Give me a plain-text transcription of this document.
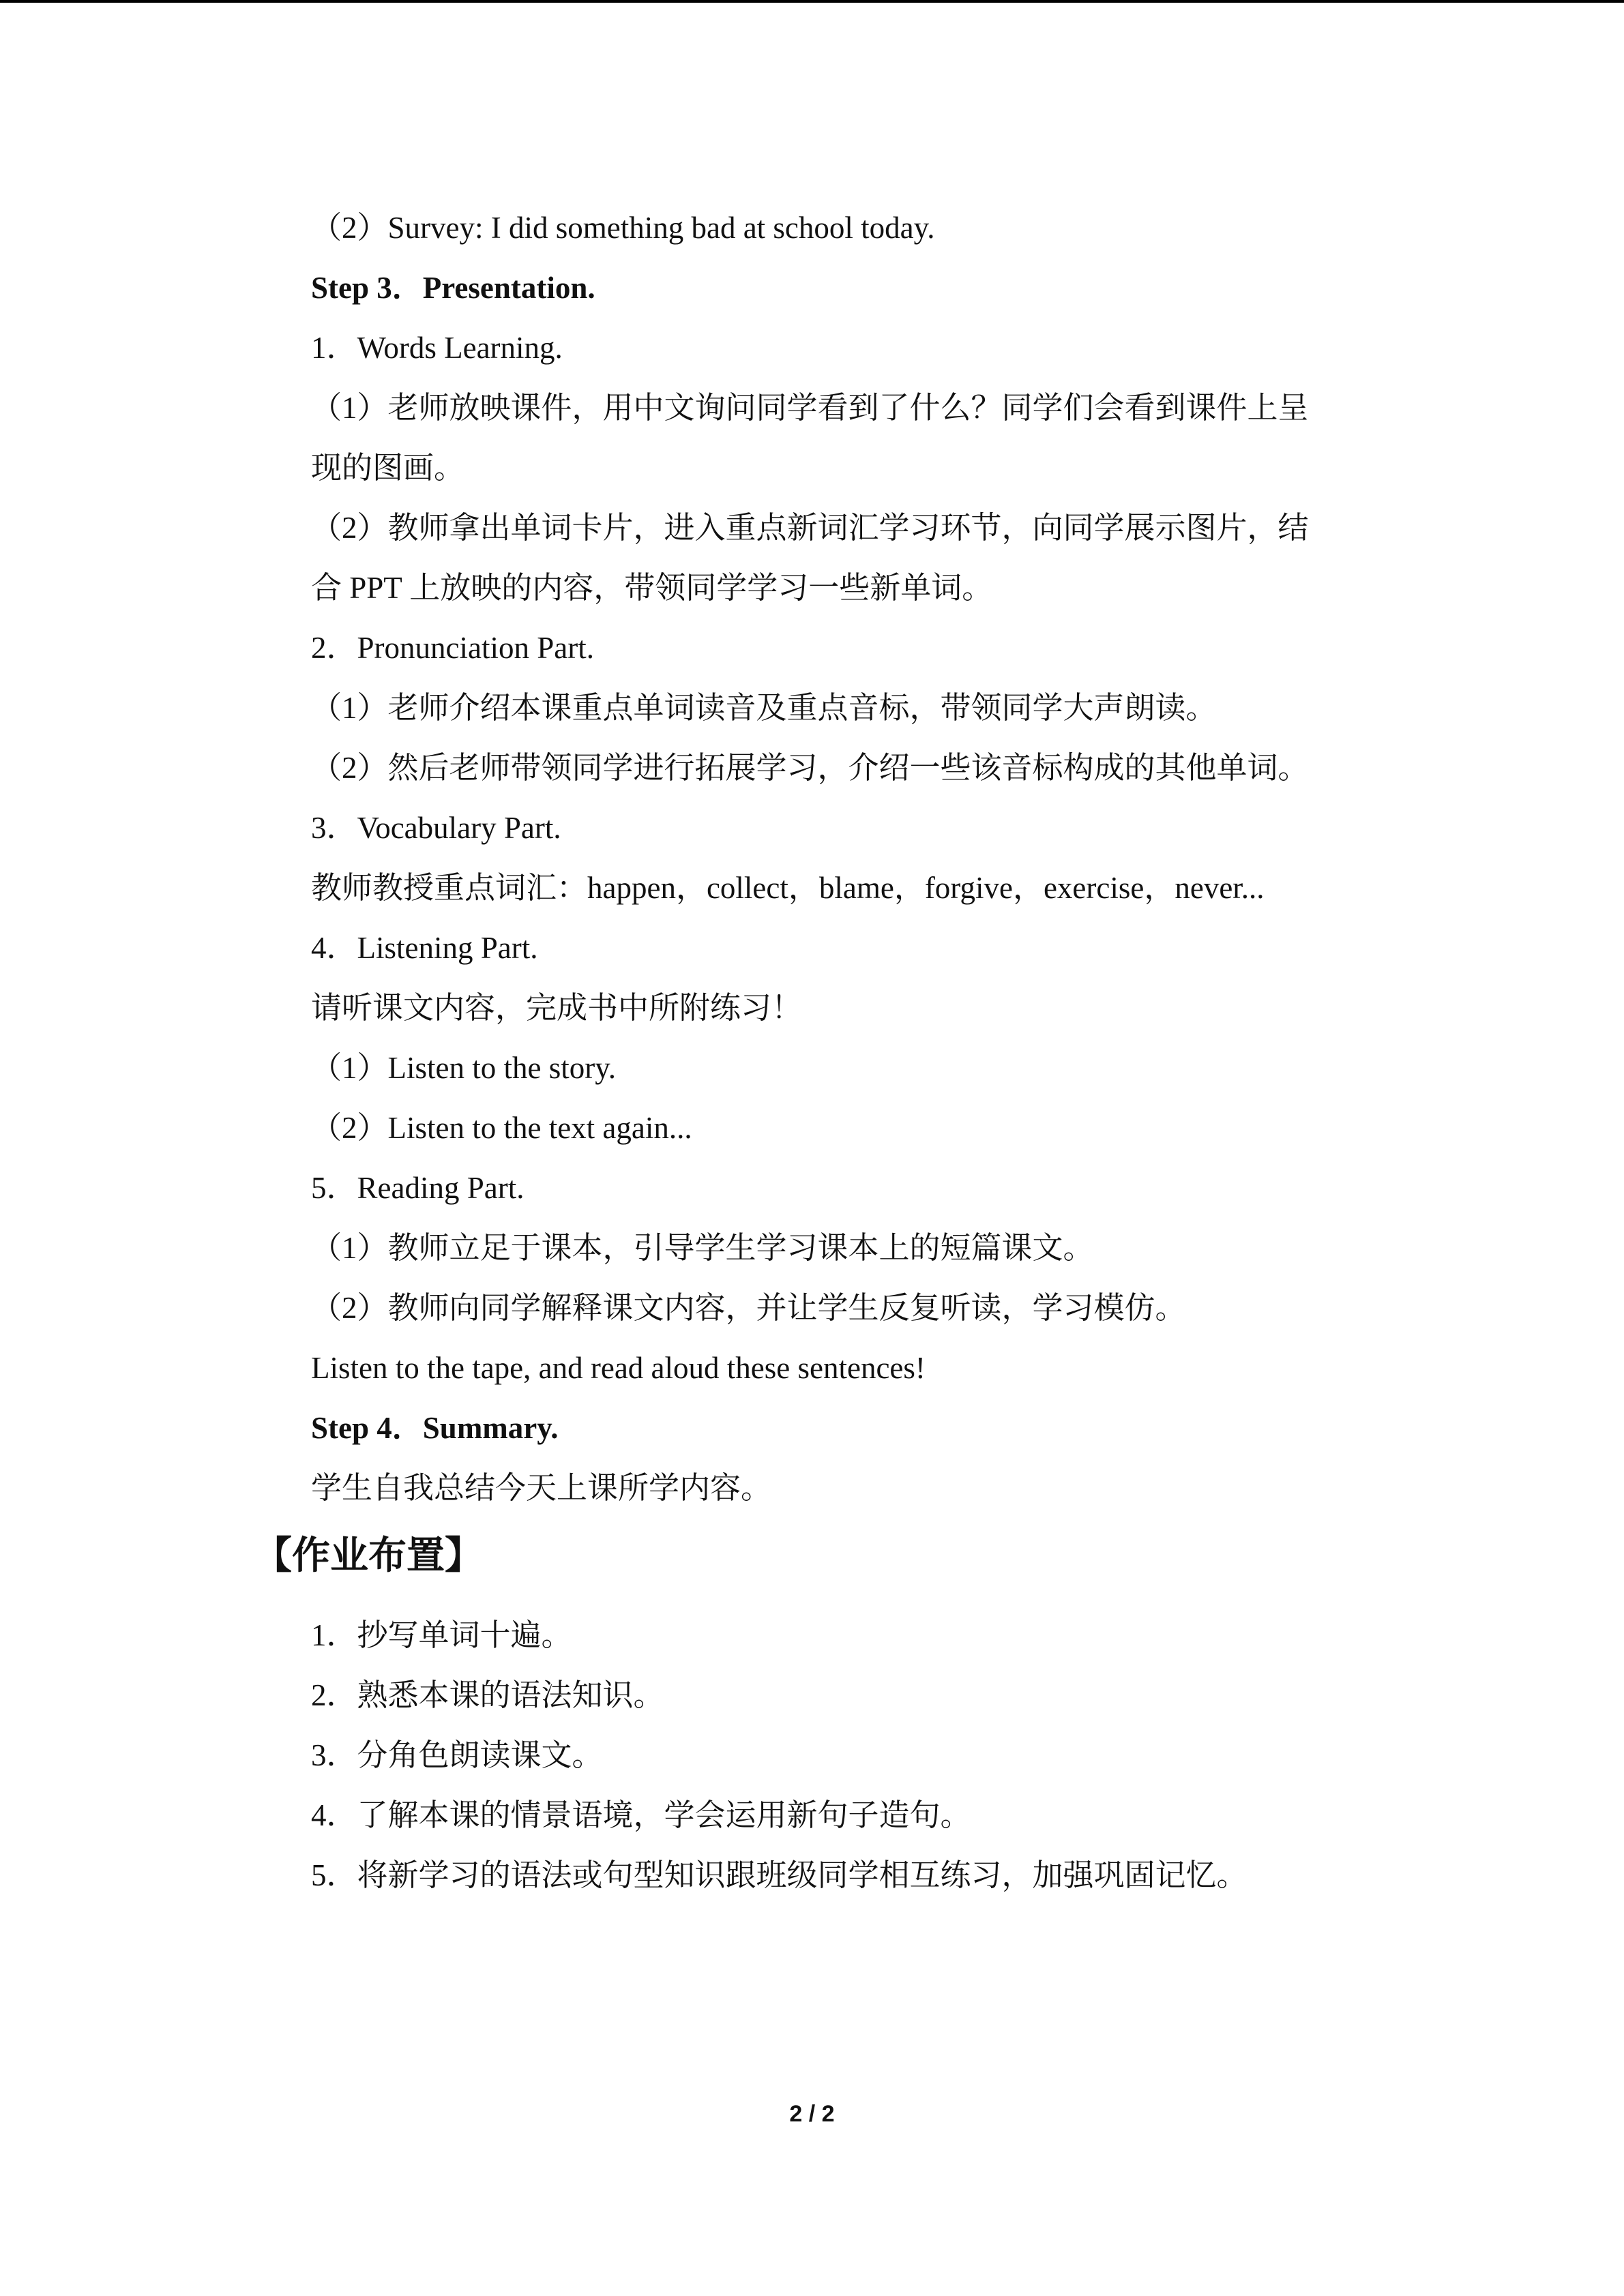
（2）Survey: I did something bad at school today.
Step 3．Presentation.
1．Words Learning.
（1）老师放映课件，用中文询问同学看到了什么？同学们会看到课件上呈
现的图画。
（2）教师拿出单词卡片，进入重点新词汇学习环节，向同学展示图片，结
合 PPT 上放映的内容，带领同学学习一些新单词。
2．Pronunciation Part.
（1）老师介绍本课重点单词读音及重点音标，带领同学大声朗读。
（2）然后老师带领同学进行拓展学习，介绍一些该音标构成的其他单词。
3．Vocabulary Part.
教师教授重点词汇：happen，collect，blame，forgive，exercise，never...
4．Listening Part.
请听课文内容，完成书中所附练习！
（1）Listen to the story.
（2）Listen to the text again...
5．Reading Part.
（1）教师立足于课本，引导学生学习课本上的短篇课文。
（2）教师向同学解释课文内容，并让学生反复听读，学习模仿。
Listen to the tape, and read aloud these sentences!
Step 4．Summary.
学生自我总结今天上课所学内容。
【作业布置】
1．抄写单词十遍。
2．熟悉本课的语法知识。
3．分角色朗读课文。
4．了解本课的情景语境，学会运用新句子造句。
5．将新学习的语法或句型知识跟班级同学相互练习，加强巩固记忆。
2 / 2
